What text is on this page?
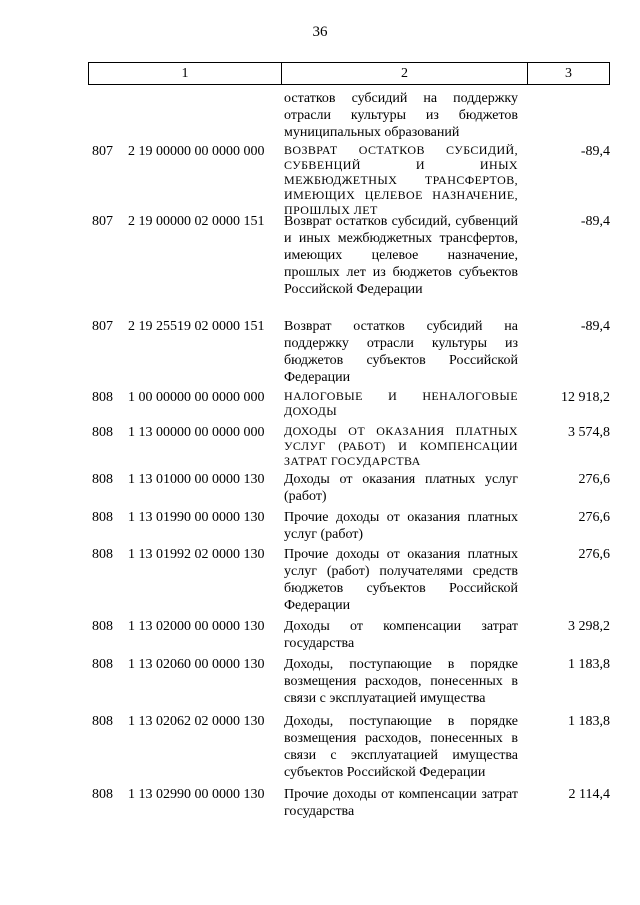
36
1	2	3
остатков субсидий на поддержку отрасли культуры из бюджетов муниципальных образований
807 2 19 00000 00 0000 000 ВОЗВРАТ ОСТАТКОВ СУБСИДИЙ, СУБВЕНЦИЙ И ИНЫХ МЕЖБЮДЖЕТНЫХ ТРАНСФЕРТОВ, ИМЕЮЩИХ ЦЕЛЕВОЕ НАЗНАЧЕНИЕ, ПРОШЛЫХ ЛЕТ
-89,4
807 2 19 00000 02 0000 151 Возврат остатков субсидий, субвенций и иных межбюджетных трансфертов, имеющих целевое назначение, прошлых лет из бюджетов субъектов Российской Федерации
-89,4
807 2 19 25519 02 0000 151 Возврат остатков субсидий на поддержку отрасли культуры из бюджетов субъектов Российской Федерации
-89,4
808 1 00 00000 00 0000 000 НАЛОГОВЫЕ И НЕНАЛОГОВЫЕ ДОХОДЫ
12 918,2
808 1 13 00000 00 0000 000 ДОХОДЫ ОТ ОКАЗАНИЯ ПЛАТНЫХ УСЛУГ (РАБОТ) И КОМПЕНСАЦИИ ЗАТРАТ ГОСУДАРСТВА
3 574,8
808 1 13 01000 00 0000 130 Доходы от оказания платных услуг (работ)
276,6
808 1 13 01990 00 0000 130 Прочие доходы от оказания платных услуг (работ)
276,6
808 1 13 01992 02 0000 130 Прочие доходы от оказания платных услуг (работ) получателями средств бюджетов субъектов Российской Федерации
276,6
808 1 13 02000 00 0000 130 Доходы от компенсации затрат государства
3 298,2
808 1 13 02060 00 0000 130 Доходы, поступающие в порядке возмещения расходов, понесенных в связи с эксплуатацией имущества
1 183,8
808 1 13 02062 02 0000 130 Доходы, поступающие в порядке возмещения расходов, понесенных в связи с эксплуатацией имущества субъектов Российской Федерации
1 183,8
808 1 13 02990 00 0000 130 Прочие доходы от компенсации затрат государства
2 114,4
